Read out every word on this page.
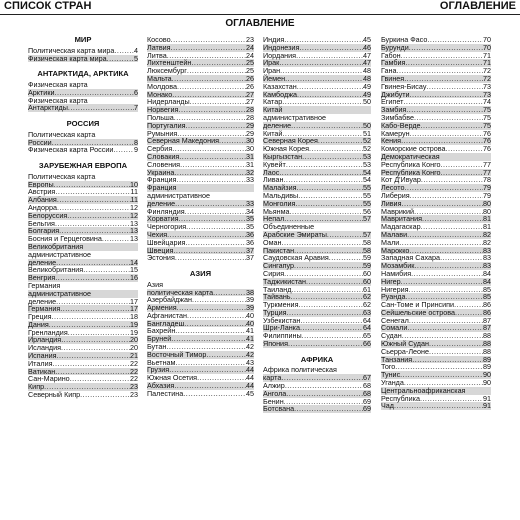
СПИСОК СТРАН	ОГЛАВЛЕНИЕ
ОГЛАВЛЕНИЕ
МИР
Политическая карта мира .....	4
Физическая карта мира .....	5
АНТАРКТИДА, АРКТИКА
Физическая карта
Арктики .....	6
Физическая карта
Антарктиды .....	7
РОССИЯ
Политическая карта
России .....	8
Физическая карта России .....	9
ЗАРУБЕЖНАЯ ЕВРОПА
Политическая карта
Европы .....	10
Австрия .....	11
Албания .....	11
Андорра .....	12
Белоруссия .....	12
Бельгия .....	13
Болгария .....	13
Босния и Герцеговина .....	13
Великобритания
административное
деление .....	14
Великобритания .....	15
Венгрия .....	16
Германия
административное
деление .....	17
Германия .....	17
Греция .....	18
Дания .....	19
Гренландия .....	19
Ирландия .....	20
Исландия .....	20
Испания .....	21
Италия .....	22
Ватикан .....	22
Сан-Марино .....	22
Кипр .....	23
Северный Кипр .....	23
Косово .....	23
Латвия .....	24
Литва .....	24
Лихтенштейн .....	25
Люксембург .....	25
Мальта .....	26
Молдова .....	26
Монако .....	27
Нидерланды .....	27
Норвегия .....	28
Польша .....	28
Португалия .....	29
Румыния .....	29
Северная Македония .....	30
Сербия .....	30
Словакия .....	31
Словения .....	31
Украина .....	32
Франция .....	33
Франция
административное
деление .....	33
Финляндия .....	34
Хорватия .....	35
Черногория .....	35
Чехия .....	36
Швейцария .....	36
Швеция .....	37
Эстония .....	37
АЗИЯ
Азия
политическая карта .....	38
Азербайджан .....	39
Армения .....	39
Афганистан .....	40
Бангладеш .....	40
Бахрейн .....	41
Бруней .....	41
Бутан .....	42
Восточный Тимор .....	42
Вьетнам .....	43
Грузия .....	44
Южная Осетия .....	44
Абхазия .....	44
Палестина .....	45
Индия .....	45
Индонезия .....	46
Иордания .....	47
Ирак .....	47
Иран .....	48
Йемен .....	48
Казахстан .....	49
Камбоджа .....	49
Катар .....	50
Китай
административное
деление .....	50
Китай .....	51
Северная Корея .....	52
Южная Корея .....	52
Кыргызстан .....	53
Кувейт .....	53
Лаос .....	54
Ливан .....	54
Малайзия .....	55
Мальдивы .....	55
Монголия .....	55
Мьянма .....	56
Непал .....	57
Объединенные
Арабские Эмираты .....	57
Оман .....	58
Пакистан .....	58
Саудовская Аравия .....	59
Сингапур .....	59
Сирия .....	60
Таджикистан .....	60
Таиланд .....	61
Тайвань .....	62
Туркмения .....	62
Турция .....	63
Узбекистан .....	64
Шри-Ланка .....	64
Филиппины .....	65
Япония .....	66
АФРИКА
Африка политическая
карта .....	67
Алжир .....	68
Ангола .....	68
Бенин .....	69
Ботсвана .....	69
Буркина Фасо .....	70
Бурунди .....	70
Габон .....	71
Гамбия .....	71
Гана .....	72
Гвинея .....	72
Гвинея-Бисау .....	73
Джибути .....	73
Египет .....	74
Замбия .....	75
Зимбабве .....	75
Кабо-Верде .....	75
Камерун .....	76
Кения .....	76
Коморские острова .....	76
Демократическая
Республика Конго .....	77
Республика Конго .....	77
Кот Д'Ивуар .....	78
Лесото .....	79
Либерия .....	79
Ливия .....	80
Маврикий .....	80
Мавритания .....	81
Мадагаскар .....	81
Малави .....	82
Мали .....	82
Марокко .....	83
Западная Сахара .....	83
Мозамбик .....	83
Намибия .....	84
Нигер .....	84
Нигерия .....	85
Руанда .....	85
Сан-Томе и Принсипи .....	86
Сейшельские острова .....	86
Сенегал .....	87
Сомали .....	87
Судан .....	88
Южный Судан .....	88
Сьерра-Леоне .....	88
Танзания .....	89
Того .....	89
Тунис .....	90
Уганда .....	90
Центральноафриканская
Республика .....	91
Чад .....	91
